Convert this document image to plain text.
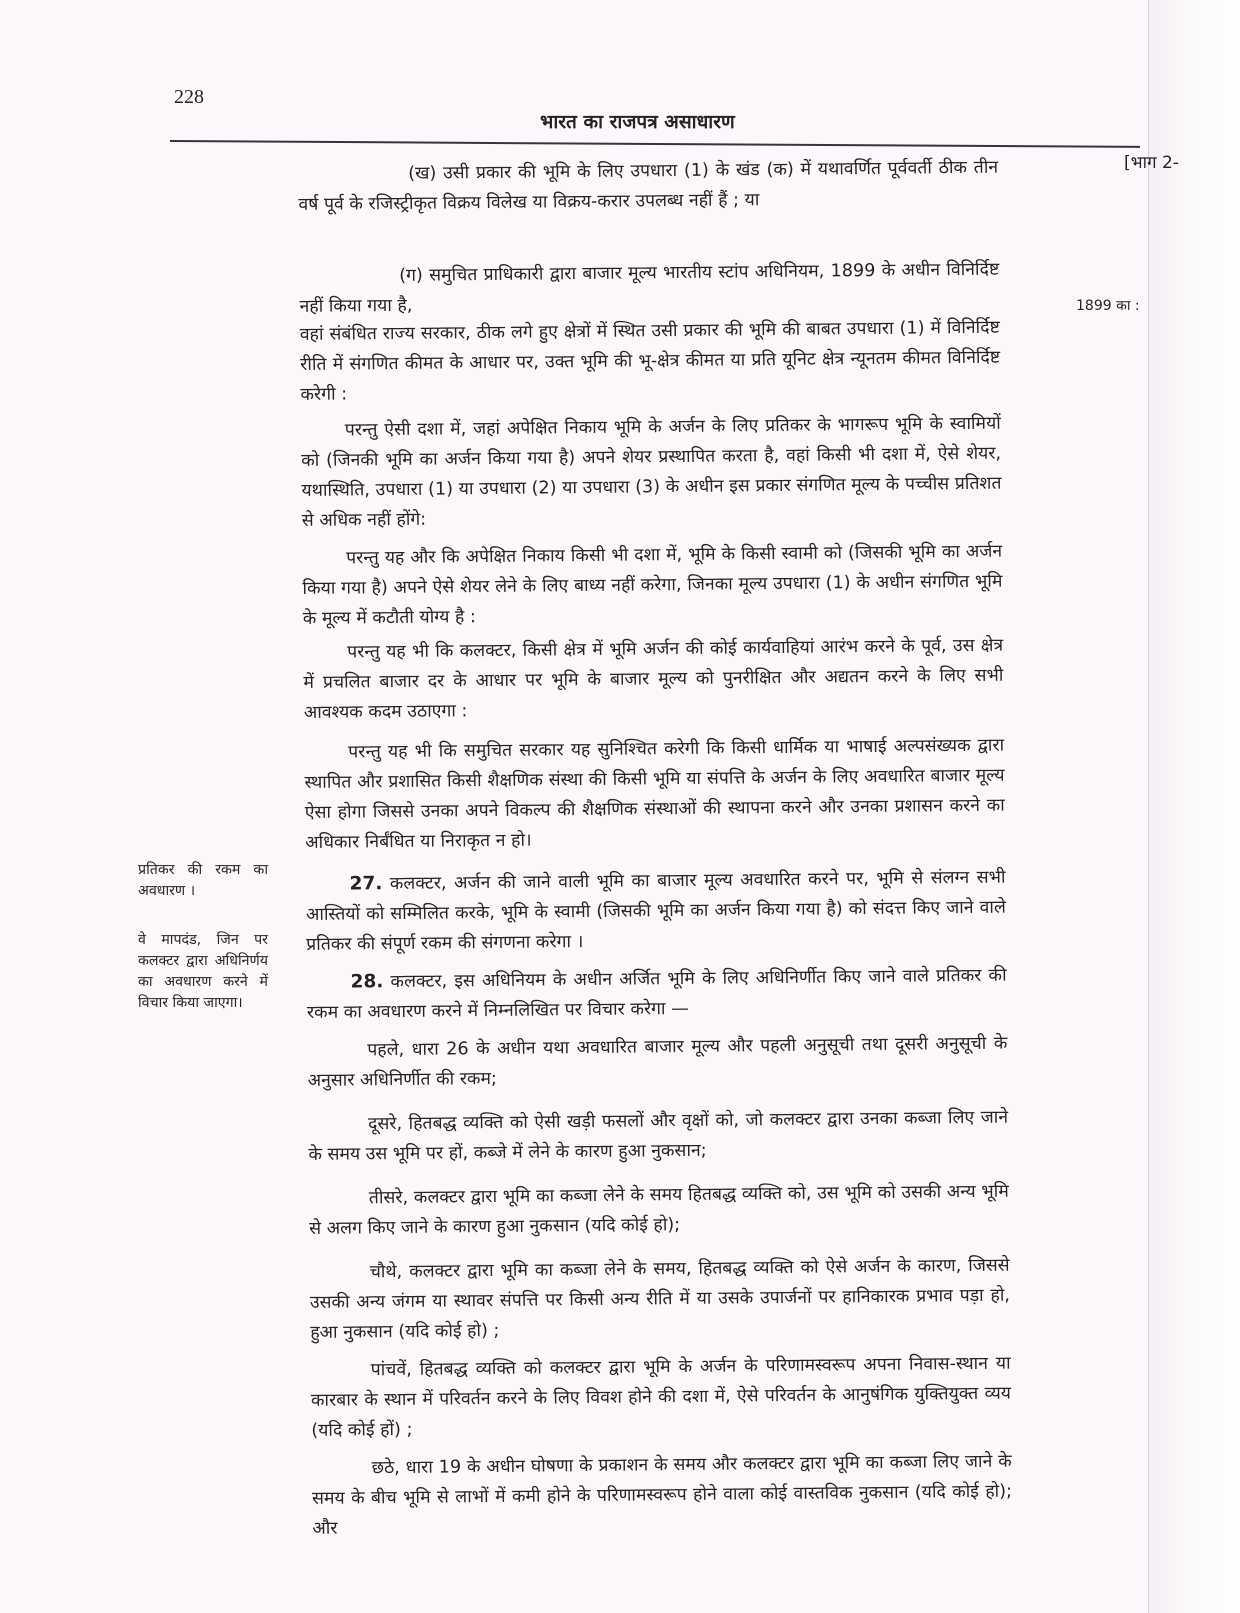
228
भारत का राजपत्र असाधारण
[भाग 2-
1899 का :

प्रतिकर की रकम का अवधारण ।

वे मापदंड, जिन पर कलक्टर द्वारा अधिनिर्णय का अवधारण करने में विचार किया जाएगा।

(ख) उसी प्रकार की भूमि के लिए उपधारा (1) के खंड (क) में यथावर्णित पूर्ववर्ती ठीक तीन वर्ष पूर्व के रजिस्ट्रीकृत विक्रय विलेख या विक्रय-करार उपलब्ध नहीं हैं ; या

(ग) समुचित प्राधिकारी द्वारा बाजार मूल्य भारतीय स्टांप अधिनियम, 1899 के अधीन विनिर्दिष्ट नहीं किया गया है,

वहां संबंधित राज्य सरकार, ठीक लगे हुए क्षेत्रों में स्थित उसी प्रकार की भूमि की बाबत उपधारा (1) में विनिर्दिष्ट रीति में संगणित कीमत के आधार पर, उक्त भूमि की भू-क्षेत्र कीमत या प्रति यूनिट क्षेत्र न्यूनतम कीमत विनिर्दिष्ट करेगी :

परन्तु ऐसी दशा में, जहां अपेक्षित निकाय भूमि के अर्जन के लिए प्रतिकर के भागरूप भूमि के स्वामियों को (जिनकी भूमि का अर्जन किया गया है) अपने शेयर प्रस्थापित करता है, वहां किसी भी दशा में, ऐसे शेयर, यथास्थिति, उपधारा (1) या उपधारा (2) या उपधारा (3) के अधीन इस प्रकार संगणित मूल्य के पच्चीस प्रतिशत से अधिक नहीं होंगे:

परन्तु यह और कि अपेक्षित निकाय किसी भी दशा में, भूमि के किसी स्वामी को (जिसकी भूमि का अर्जन किया गया है) अपने ऐसे शेयर लेने के लिए बाध्य नहीं करेगा, जिनका मूल्य उपधारा (1) के अधीन संगणित भूमि के मूल्य में कटौती योग्य है :

परन्तु यह भी कि कलक्टर, किसी क्षेत्र में भूमि अर्जन की कोई कार्यवाहियां आरंभ करने के पूर्व, उस क्षेत्र में प्रचलित बाजार दर के आधार पर भूमि के बाजार मूल्य को पुनरीक्षित और अद्यतन करने के लिए सभी आवश्यक कदम उठाएगा :

परन्तु यह भी कि समुचित सरकार यह सुनिश्चित करेगी कि किसी धार्मिक या भाषाई अल्पसंख्यक द्वारा स्थापित और प्रशासित किसी शैक्षणिक संस्था की किसी भूमि या संपत्ति के अर्जन के लिए अवधारित बाजार मूल्य ऐसा होगा जिससे उनका अपने विकल्प की शैक्षणिक संस्थाओं की स्थापना करने और उनका प्रशासन करने का अधिकार निर्बंधित या निराकृत न हो।

27. कलक्टर, अर्जन की जाने वाली भूमि का बाजार मूल्य अवधारित करने पर, भूमि से संलग्न सभी आस्तियों को सम्मिलित करके, भूमि के स्वामी (जिसकी भूमि का अर्जन किया गया है) को संदत्त किए जाने वाले प्रतिकर की संपूर्ण रकम की संगणना करेगा ।

28. कलक्टर, इस अधिनियम के अधीन अर्जित भूमि के लिए अधिनिर्णीत किए जाने वाले प्रतिकर की रकम का अवधारण करने में निम्नलिखित पर विचार करेगा —

पहले, धारा 26 के अधीन यथा अवधारित बाजार मूल्य और पहली अनुसूची तथा दूसरी अनुसूची के अनुसार अधिनिर्णीत की रकम;

दूसरे, हितबद्ध व्यक्ति को ऐसी खड़ी फसलों और वृक्षों को, जो कलक्टर द्वारा उनका कब्जा लिए जाने के समय उस भूमि पर हों, कब्जे में लेने के कारण हुआ नुकसान;

तीसरे, कलक्टर द्वारा भूमि का कब्जा लेने के समय हितबद्ध व्यक्ति को, उस भूमि को उसकी अन्य भूमि से अलग किए जाने के कारण हुआ नुकसान (यदि कोई हो);

चौथे, कलक्टर द्वारा भूमि का कब्जा लेने के समय, हितबद्ध व्यक्ति को ऐसे अर्जन के कारण, जिससे उसकी अन्य जंगम या स्थावर संपत्ति पर किसी अन्य रीति में या उसके उपार्जनों पर हानिकारक प्रभाव पड़ा हो, हुआ नुकसान (यदि कोई हो) ;

पांचवें, हितबद्ध व्यक्ति को कलक्टर द्वारा भूमि के अर्जन के परिणामस्वरूप अपना निवास-स्थान या कारबार के स्थान में परिवर्तन करने के लिए विवश होने की दशा में, ऐसे परिवर्तन के आनुषंगिक युक्तियुक्त व्यय (यदि कोई हों) ;

छठे, धारा 19 के अधीन घोषणा के प्रकाशन के समय और कलक्टर द्वारा भूमि का कब्जा लिए जाने के समय के बीच भूमि से लाभों में कमी होने के परिणामस्वरूप होने वाला कोई वास्तविक नुकसान (यदि कोई हो); और
